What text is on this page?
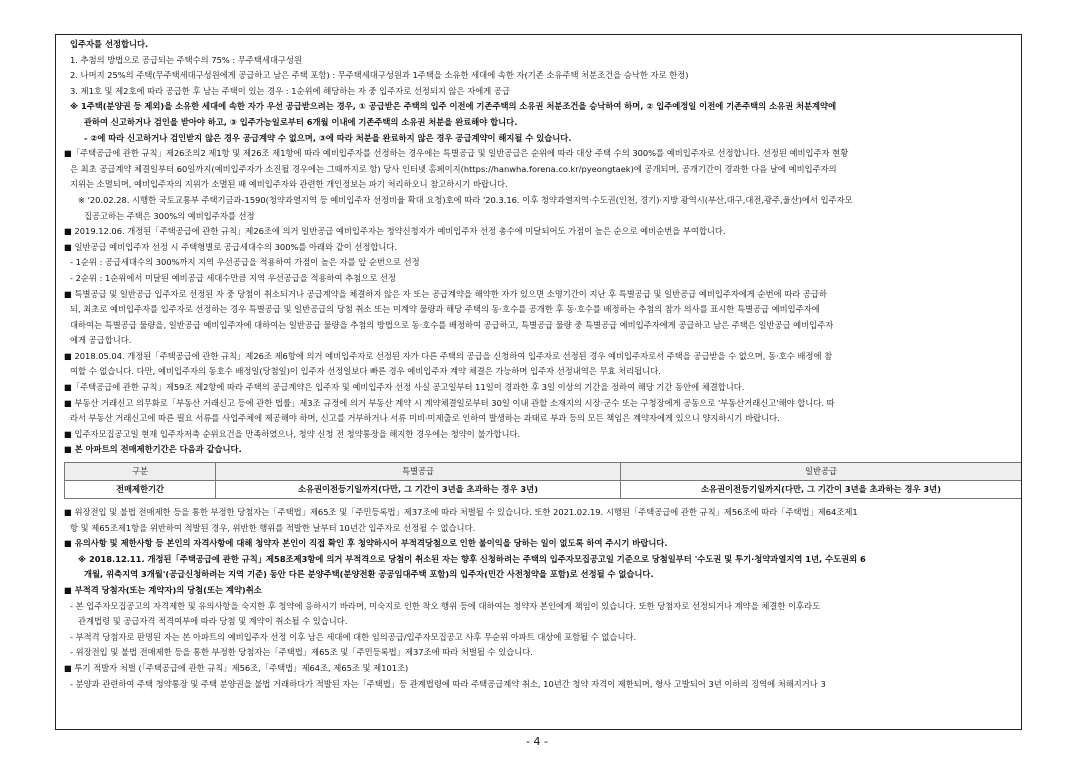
입주자를 선정합니다.
1. 추첨의 방법으로 공급되는 주택수의 75% : 무주택세대구성원
2. 나머지 25%의 주택(무주택세대구성원에게 공급하고 남은 주택 포함) : 무주택세대구성원과 1주택을 소유한 세대에 속한 자(기존 소유주택 처분조건을 승낙한 자로 한정)
3. 제1호 및 제2호에 따라 공급한 후 남는 주택이 있는 경우 : 1순위에 해당하는 자 중 입주자로 선정되지 않은 자에게 공급
※ 1주택(분양권 등 제외)을 소유한 세대에 속한 자가 우선 공급받으려는 경우, ① 공급받은 주택의 입주 이전에 기존주택의 소유권 처분조건을 승낙하여 하며, ② 입주예정일 이전에 기존주택의 소유권 처분계약에
관하여 신고하거나 검인을 받아야 하고, ③ 입주가능일로부터 6개월 이내에 기존주택의 소유권 처분을 완료해야 합니다.
- ②에 따라 신고하거나 검인받지 않은 경우 공급계약 수 없으며, ③에 따라 처분을 완료하지 않은 경우 공급계약이 해지될 수 있습니다.
■「주택공급에 관한 규칙」제26조의2 제1항 및 제26조 제1항에 따라 예비입주자를 선정하는 경우에는 특별공급 및 일반공급은 순위에 따라 대상 주택 수의 300%를 예비입주자로 선정합니다. 선정된 예비입주자 현황
은 최초 공급계약 체결일부터 60일까지(예비입주자가 소진될 경우에는 그때까지로 함) 당사 인터넷 홈페이지(https://hanwha.forena.co.kr/pyeongtaek)에 공개되며, 공개기간이 경과한 다음 날에 예비입주자의
지위는 소멸되며, 예비입주자의 지위가 소멸된 때 예비입주자와 관련한 개인정보는 파기 처리하오니 참고하시기 바랍니다.
※ '20.02.28. 시행한 국토교통부 주택기금과-1590(청약과열지역 등 예비입주자 선정비율 확대 요청)호에 따라 '20.3.16. 이후 청약과열지역·수도권(인천, 경기)·지방 광역시(부산,대구,대전,광주,울산)에서 입주자모
집공고하는 주택은 300%의 예비입주자를 선정
■ 2019.12.06. 개정된「주택공급에 관한 규칙」제26조에 의거 일반공급 예비입주자는 청약신청자가 예비입주자 선정 총수에 미달되어도 가점이 높은 순으로 예비순번을 부여합니다.
■ 일반공급 예비입주자 선정 시 주택형별로 공급세대수의 300%를 아래와 같이 선정합니다.
- 1순위 : 공급세대수의 300%까지 지역 우선공급을 적용하여 가점이 높은 자를 앞 순번으로 선정
- 2순위 : 1순위에서 미달된 예비공급 세대수만큼 지역 우선공급을 적용하여 추첨으로 선정
■ 특별공급 및 일반공급 입주자로 선정된 자 중 당첨이 취소되거나 공급계약을 체결하지 않은 자 또는 공급계약을 해약한 자가 있으면 소명기간이 지난 후 특별공급 및 일반공급 예비입주자에게 순번에 따라 공급하
되, 최초로 예비입주자를 입주자로 선정하는 경우 특별공급 및 일반공급의 당첨 취소 또는 미계약 물량과 해당 주택의 동·호수를 공개한 후 동·호수를 배정하는 추첨의 참가 의사를 표시한 특별공급 예비입주자에
대하여는 특별공급 물량을, 일반공급 예비입주자에 대하여는 일반공급 물량을 추첨의 방법으로 동·호수를 배정하여 공급하고, 특별공급 물량 중 특별공급 예비입주자에게 공급하고 남은 주택은 일반공급 예비입주자
에게 공급합니다.
■ 2018.05.04. 개정된「주택공급에 관한 규칙」제26조 제6항에 의거 예비입주자로 선정된 자가 다른 주택의 공급을 신청하여 입주자로 선정된 경우 예비입주자로서 주택을 공급받을 수 없으며, 동·호수 배정에 참
여할 수 없습니다. 다만, 예비입주자의 동호수 배정일(당첨일)이 입주자 선정일보다 빠른 경우 예비입주자 계약 체결은 가능하며 입주자 선정내역은 무효 처리됩니다.
■「주택공급에 관한 규칙」제59조 제2항에 따라 주택의 공급계약은 입주자 및 예비입주자 선정 사실 공고일부터 11일이 경과한 후 3일 이상의 기간을 정하여 해당 기간 동안에 체결합니다.
■ 부동산 거래신고 의무화로「부동산 거래신고 등에 관한 법률」제3조 규정에 의거 부동산 계약 시 계약체결일로부터 30일 이내 관할 소재지의 시장·군수 또는 구청장에게 공동으로 '부동산거래신고'해야 합니다. 따
라서 부동산 거래신고에 따른 필요 서류를 사업주체에 제공해야 하며, 신고를 거부하거나 서류 미비·미제출로 인하여 발생하는 과태료 부과 등의 모든 책임은 계약자에게 있으니 양지하시기 바랍니다.
■ 입주자모집공고일 현재 입주자저축 순위요건을 만족하였으나, 청약 신청 전 청약통장을 해지한 경우에는 청약이 불가합니다.
■ 본 아파트의 전매제한기간은 다음과 같습니다.
구분	특별공급	일반공급
전매제한기간	소유권이전등기일까지(다만, 그 기간이 3년을 초과하는 경우 3년)	소유권이전등기일까지(다만, 그 기간이 3년을 초과하는 경우 3년)
■ 위장전입 및 불법 전매제한 등을 통한 부정한 당첨자는「주택법」제65조 및「주민등록법」제37조에 따라 처벌될 수 있습니다. 또한 2021.02.19. 시행된「주택공급에 관한 규칙」제56조에 따라「주택법」제64조제1
항 및 제65조제1항을 위반하여 적발된 경우, 위반한 행위를 적발한 날부터 10년간 입주자로 선정될 수 없습니다.
■ 유의사항 및 제한사항 등 본인의 자격사항에 대해 청약자 본인이 직접 확인 후 청약하시어 부적격당첨으로 인한 불이익을 당하는 일이 없도록 하여 주시기 바랍니다.
※ 2018.12.11. 개정된「주택공급에 관한 규칙」제58조제3항에 의거 부적격으로 당첨이 취소된 자는 향후 신청하려는 주택의 입주자모집공고일 기준으로 당첨일부터 '수도권 및 투기·청약과열지역 1년, 수도권외 6
개월, 위축지역 3개월'(공급신청하려는 지역 기준) 동안 다른 분양주택(분양전환 공공임대주택 포함)의 입주자(민간 사전청약을 포함)로 선정될 수 없습니다.
■ 부적격 당첨자(또는 계약자)의 당첨(또는 계약)취소
- 본 입주자모집공고의 자격제한 및 유의사항을 숙지한 후 청약에 응하시기 바라며, 미숙지로 인한 착오 행위 등에 대하여는 청약자 본인에게 책임이 있습니다. 또한 당첨자로 선정되거나 계약을 체결한 이후라도
관계법령 및 공급자격 적격여부에 따라 당첨 및 계약이 취소될 수 있습니다.
- 부적격 당첨자로 판명된 자는 본 아파트의 예비입주자 선정 이후 남은 세대에 대한 임의공급/입주자모집공고 사후 무순위 아파트 대상에 포함될 수 없습니다.
- 위장전입 및 불법 전매제한 등을 통한 부정한 당첨자는「주택법」제65조 및「주민등록법」제37조에 따라 처벌될 수 있습니다.
■ 투기 적발자 처벌 (「주택공급에 관한 규칙」제56조,「주택법」제64조, 제65조 및 제101조)
- 분양과 관련하여 주택 청약통장 및 주택 분양권을 불법 거래하다가 적발된 자는「주택법」등 관계법령에 따라 주택공급계약 취소, 10년간 청약 자격이 제한되며, 형사 고발되어 3년 이하의 징역에 처해지거나 3
- 4 -
